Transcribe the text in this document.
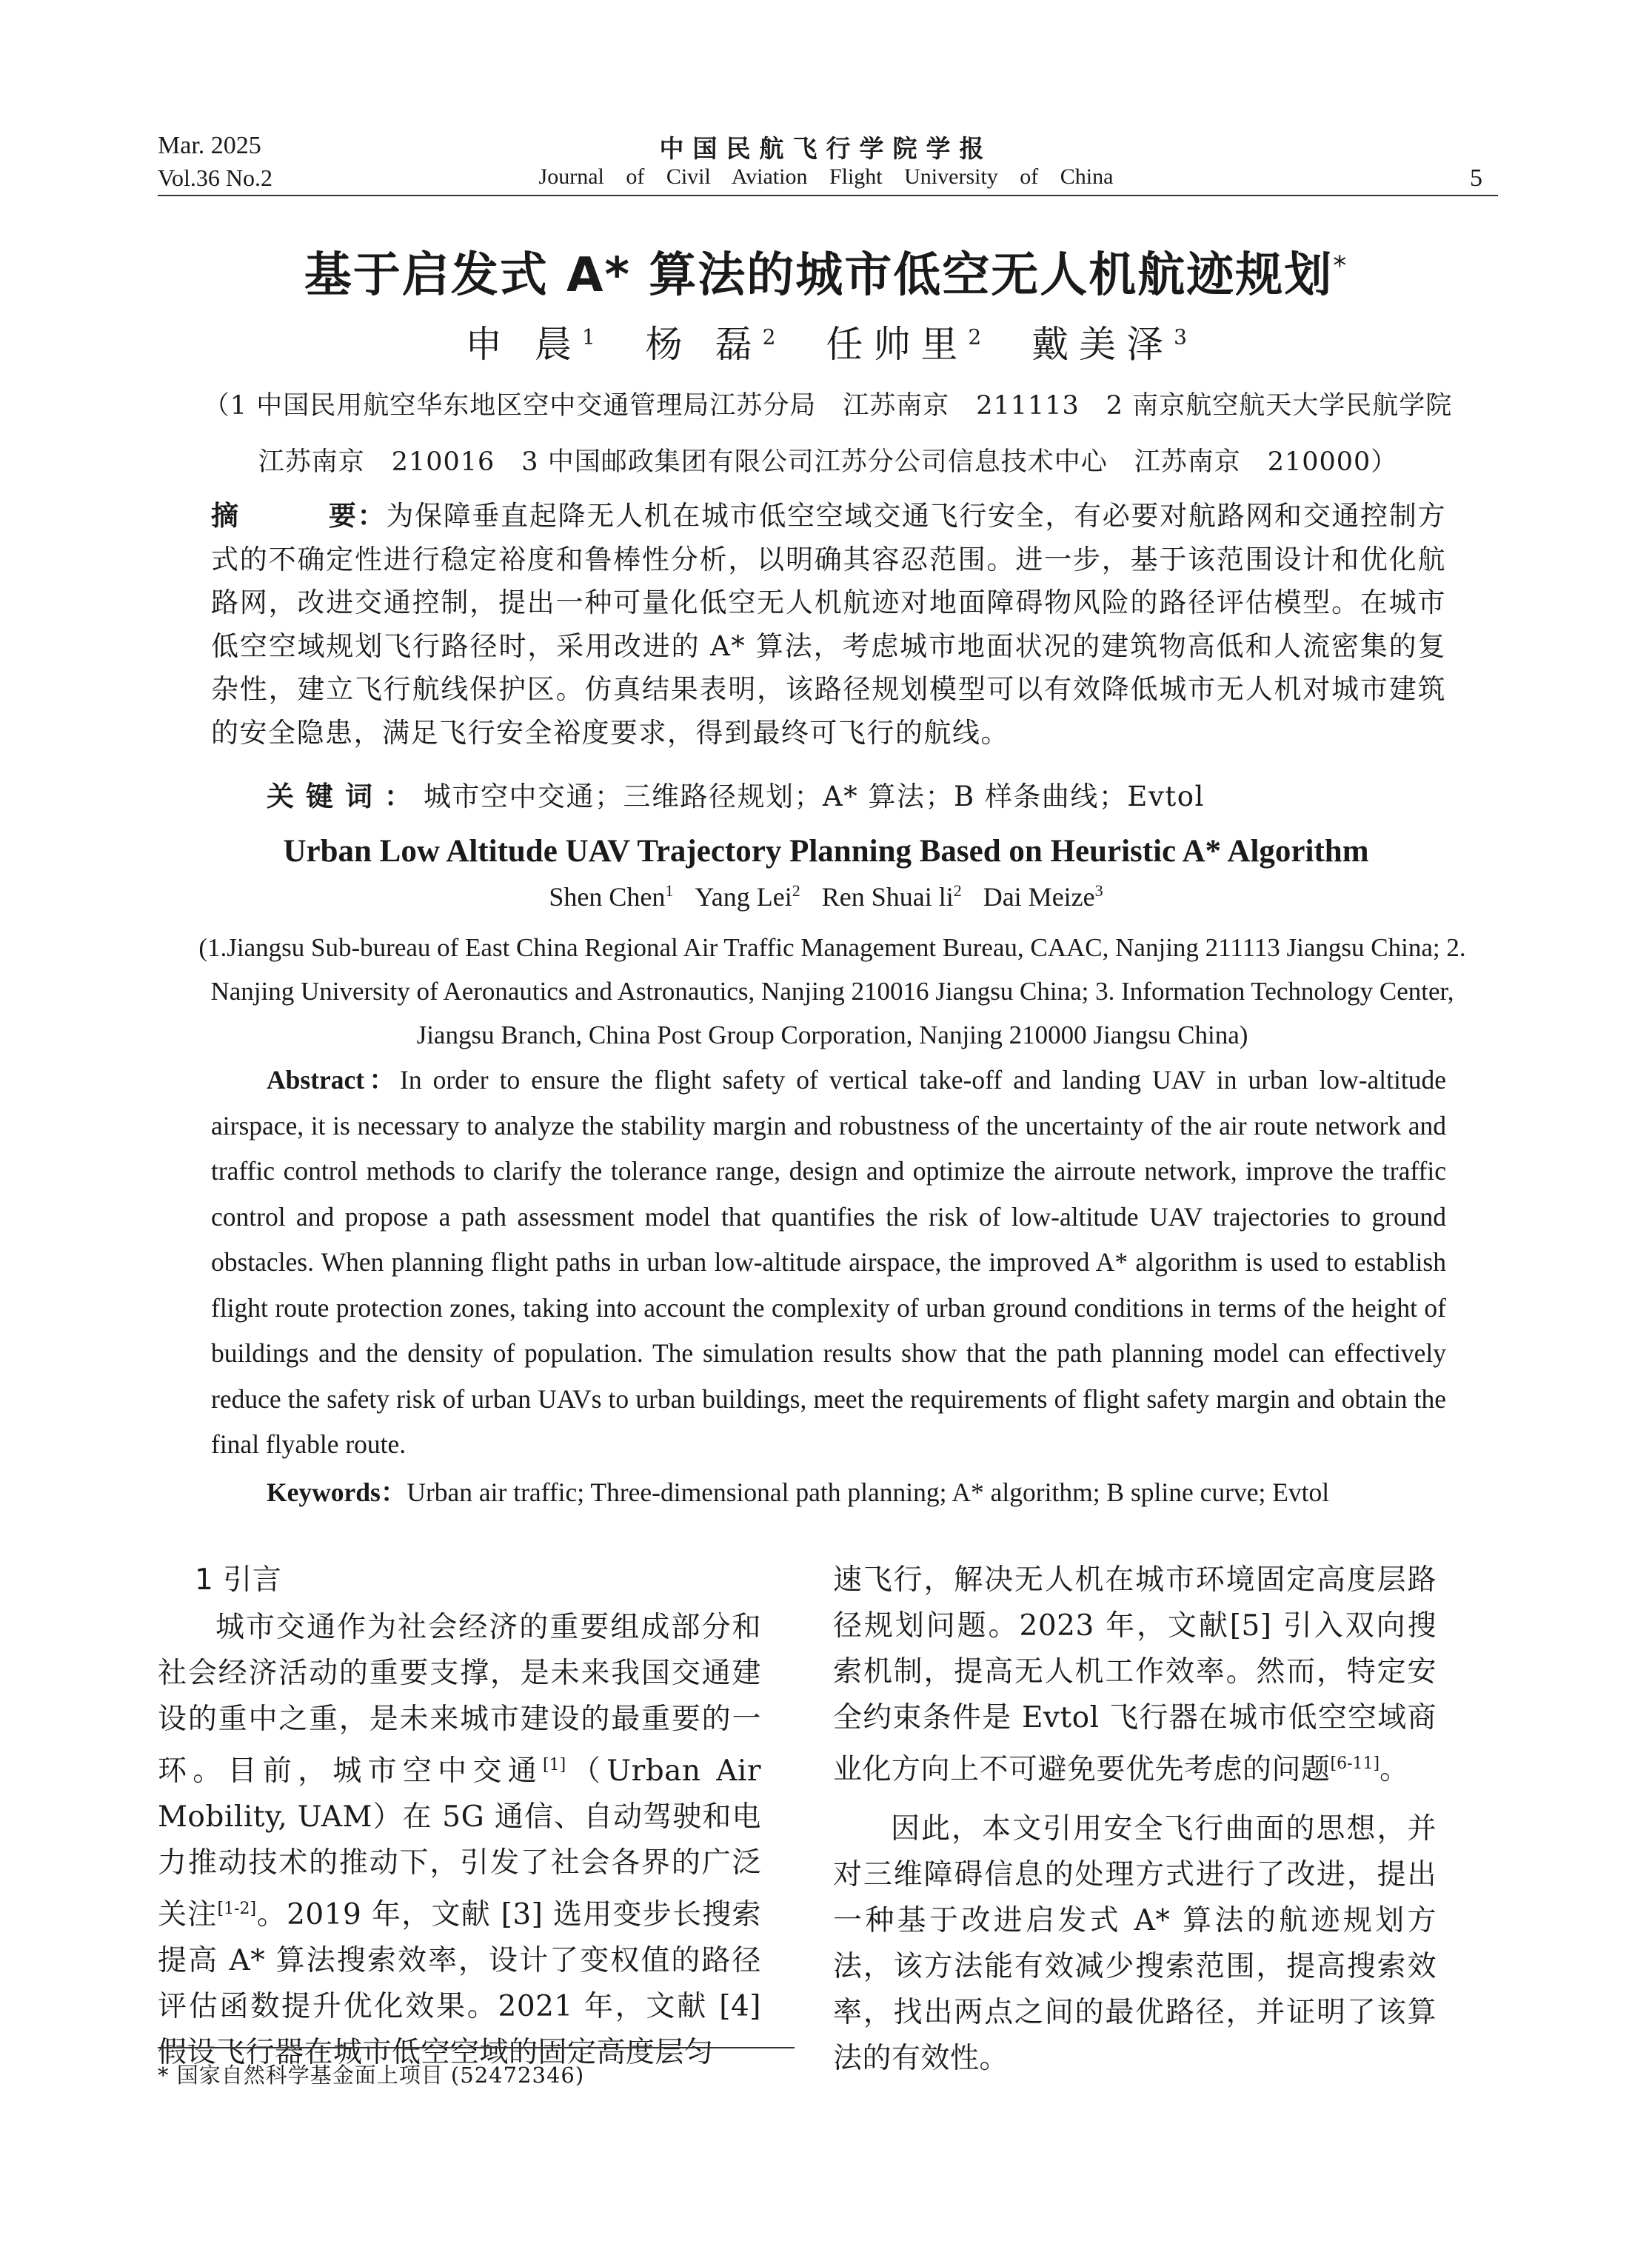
Mar. 2025
Vol.36 No.2
中国民航飞行学院学报
Journal of Civil Aviation Flight University of China	5
基于启发式 A* 算法的城市低空无人机航迹规划*
申 晨$^1$ 杨 磊$^2$ 任帅里$^2$ 戴美泽$^3$
（1 中国民用航空华东地区空中交通管理局江苏分局　江苏南京　211113　2 南京航空航天大学民航学院
江苏南京　210016　3 中国邮政集团有限公司江苏分公司信息技术中心　江苏南京　210000）
摘	要：为保障垂直起降无人机在城市低空空域交通飞行安全，有必要对航路网和交通控制方式的不确定性进行稳定裕度和鲁棒性分析，以明确其容忍范围。进一步，基于该范围设计和优化航路网，改进交通控制，提出一种可量化低空无人机航迹对地面障碍物风险的路径评估模型。在城市低空空域规划飞行路径时，采用改进的 A* 算法，考虑城市地面状况的建筑物高低和人流密集的复杂性，建立飞行航线保护区。仿真结果表明，该路径规划模型可以有效降低城市无人机对城市建筑的安全隐患，满足飞行安全裕度要求，得到最终可飞行的航线。
关键词：城市空中交通；三维路径规划；A* 算法；B 样条曲线；Evtol
Urban Low Altitude UAV Trajectory Planning Based on Heuristic A* Algorithm
Shen Chen$^1$ Yang Lei$^2$ Ren Shuai $li^2$ Dai Meize$^3$
(1.Jiangsu Sub-bureau of East China Regional Air Traffic Management Bureau, CAAC, Nanjing 211113 Jiangsu China; 2. Nanjing University of Aeronautics and Astronautics, Nanjing 210016 Jiangsu China; 3. Information Technology Center, Jiangsu Branch, China Post Group Corporation, Nanjing 210000 Jiangsu China)
Abstract：In order to ensure the flight safety of vertical take-off and landing UAV in urban low-altitude airspace, it is necessary to analyze the stability margin and robustness of the uncertainty of the air route network and traffic control methods to clarify the tolerance range, design and optimize the airroute network, improve the traffic control and propose a path assessment model that quantifies the risk of low-altitude UAV trajectories to ground obstacles. When planning flight paths in urban low-altitude airspace, the improved A* algorithm is used to establish flight route protection zones, taking into account the complexity of urban ground conditions in terms of the height of buildings and the density of population. The simulation results show that the path planning model can effectively reduce the safety risk of urban UAVs to urban buildings, meet the requirements of flight safety margin and obtain the final flyable route.
Keywords：Urban air traffic; Three-dimensional path planning; A* algorithm; B spline curve; Evtol
1 引言

城市交通作为社会经济的重要组成部分和社会经济活动的重要支撑，是未来我国交通建设的重中之重，是未来城市建设的最重要的一环。目前，城市空中交通[1]（Urban Air Mobility, UAM）在 5G 通信、自动驾驶和电力推动技术的推动下，引发了社会各界的广泛关注[1-2]。2019 年，文献 [3] 选用变步长搜索提高 A* 算法搜索效率，设计了变权值的路径评估函数提升优化效果。2021 年，文献 [4] 假设飞行器在城市低空空域的固定高度层匀

速飞行，解决无人机在城市环境固定高度层路径规划问题。2023 年，文献[5] 引入双向搜索机制，提高无人机工作效率。然而，特定安全约束条件是 Evtol 飞行器在城市低空空域商业化方向上不可避免要优先考虑的问题[6-11]。

因此，本文引用安全飞行曲面的思想，并对三维障碍信息的处理方式进行了改进，提出一种基于改进启发式 A* 算法的航迹规划方法，该方法能有效减少搜索范围，提高搜索效率，找出两点之间的最优路径，并证明了该算法的有效性。

* 国家自然科学基金面上项目 (52472346)
